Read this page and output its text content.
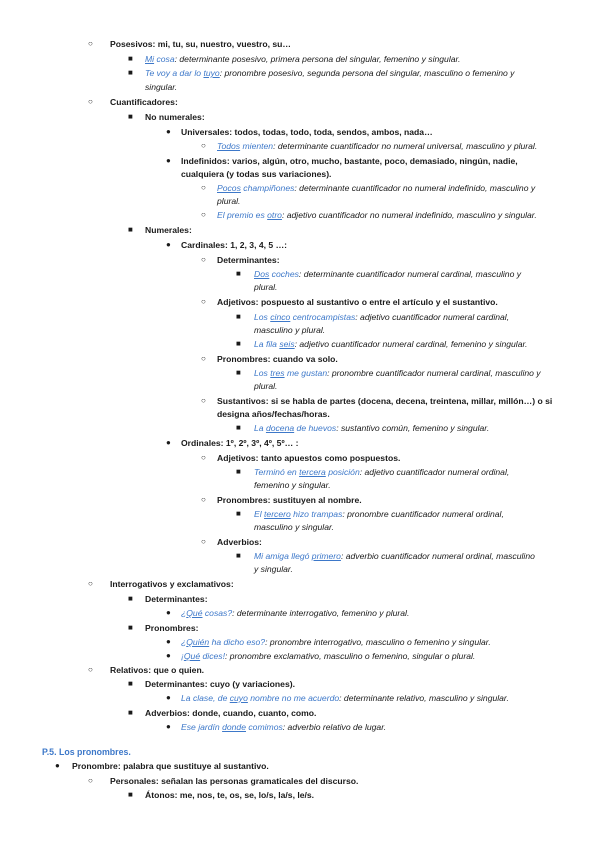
○ Posesivos: mi, tu, su, nuestro, vuestro, su…
■ Mi cosa: determinante posesivo, primera persona del singular, femenino y singular.
■ Te voy a dar lo tuyo: pronombre posesivo, segunda persona del singular, masculino o femenino y
singular.
○ Cuantificadores:
■ No numerales:
● Universales: todos, todas, todo, toda, sendos, ambos, nada…
○ Todos mienten: determinante cuantificador no numeral universal, masculino y plural.
● Indefinidos: varios, algún, otro, mucho, bastante, poco, demasiado, ningún, nadie,
cualquiera (y todas sus variaciones).
○ Pocos champiñones: determinante cuantificador no numeral indefinido, masculino y
plural.
○ El premio es otro: adjetivo cuantificador no numeral indefinido, masculino y singular.
■ Numerales:
● Cardinales: 1, 2, 3, 4, 5 …:
○ Determinantes:
■ Dos coches: determinante cuantificador numeral cardinal, masculino y
plural.
○ Adjetivos: pospuesto al sustantivo o entre el artículo y el sustantivo.
■ Los cinco centrocampistas: adjetivo cuantificador numeral cardinal,
masculino y plural.
■ La fila seis: adjetivo cuantificador numeral cardinal, femenino y singular.
○ Pronombres: cuando va solo.
■ Los tres me gustan: pronombre cuantificador numeral cardinal, masculino y
plural.
○ Sustantivos: si se habla de partes (docena, decena, treintena, millar, millón…) o si
designa años/fechas/horas.
■ La docena de huevos: sustantivo común, femenino y singular.
● Ordinales: 1º, 2º, 3º, 4º, 5º… :
○ Adjetivos: tanto apuestos como pospuestos.
■ Terminó en tercera posición: adjetivo cuantificador numeral ordinal,
femenino y singular.
○ Pronombres: sustituyen al nombre.
■ El tercero hizo trampas: pronombre cuantificador numeral ordinal,
masculino y singular.
○ Adverbios:
■ Mi amiga llegó primero: adverbio cuantificador numeral ordinal, masculino
y singular.
○ Interrogativos y exclamativos:
■ Determinantes:
● ¿Qué cosas?: determinante interrogativo, femenino y plural.
■ Pronombres:
● ¿Quién ha dicho eso?: pronombre interrogativo, masculino o femenino y singular.
● ¡Qué dices!: pronombre exclamativo, masculino o femenino, singular o plural.
○ Relativos: que o quien.
■ Determinantes: cuyo (y variaciones).
● La clase, de cuyo nombre no me acuerdo: determinante relativo, masculino y singular.
■ Adverbios: donde, cuando, cuanto, como.
● Ese jardín donde comimos: adverbio relativo de lugar.
P.5. Los pronombres.
● Pronombre: palabra que sustituye al sustantivo.
○ Personales: señalan las personas gramaticales del discurso.
■ Átonos: me, nos, te, os, se, lo/s, la/s, le/s.
